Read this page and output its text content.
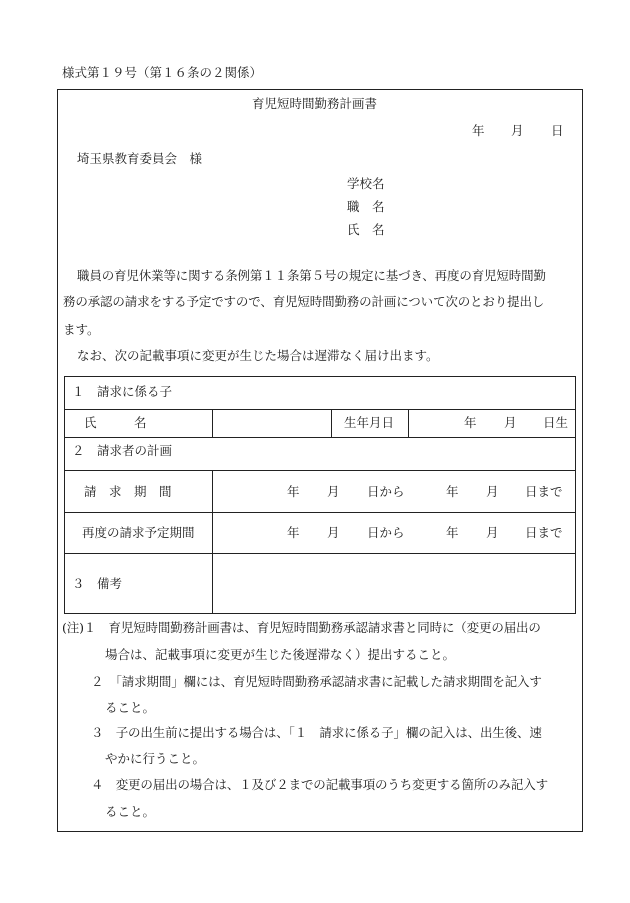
様式第１９号（第１６条の２関係）
育児短時間勤務計画書
年 月 日
埼玉県教育委員会　様
学校名
職　名
氏　名
職員の育児休業等に関する条例第１１条第５号の規定に基づき、再度の育児短時間勤
務の承認の請求をする予定ですので、育児短時間勤務の計画について次のとおり提出し
ます。
なお、次の記載事項に変更が生じた場合は遅滞なく届け出ます。
１　請求に係る子
氏　　　名	生年月日	年 月 日生
２　請求者の計画
請　求　期　間	年 月 日から	年 月 日まで
再度の請求予定期間	年 月 日から	年 月 日まで
３　備考
(注)１　育児短時間勤務計画書は、育児短時間勤務承認請求書と同時に（変更の届出の
場合は、記載事項に変更が生じた後遅滞なく）提出すること。
２　「請求期間」欄には、育児短時間勤務承認請求書に記載した請求期間を記入す
ること。
３　子の出生前に提出する場合は、「１　請求に係る子」欄の記入は、出生後、速
やかに行うこと。
４　変更の届出の場合は、１及び２までの記載事項のうち変更する箇所のみ記入す
ること。
